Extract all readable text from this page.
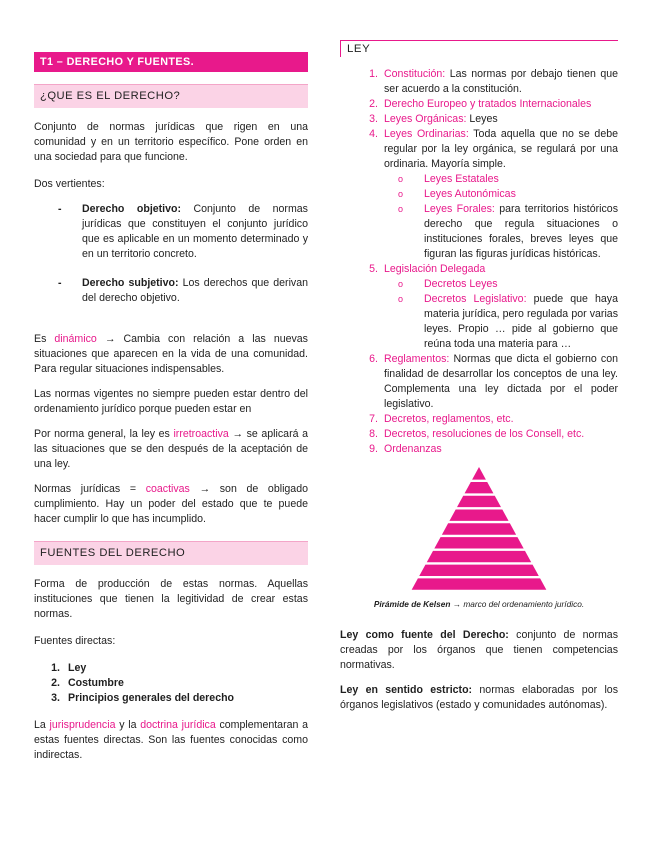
T1 – DERECHO Y FUENTES.
¿QUE ES EL DERECHO?

Conjunto de normas jurídicas que rigen en una comunidad y en un territorio específico. Pone orden en una sociedad para que funcione.

Dos vertientes:

- Derecho objetivo: Conjunto de normas jurídicas que constituyen el conjunto jurídico que es aplicable en un momento determinado y en un territorio concreto.
- Derecho subjetivo: Los derechos que derivan del derecho objetivo.

Es dinámico → Cambia con relación a las nuevas situaciones que aparecen en la vida de una comunidad. Para regular situaciones indispensables.

Las normas vigentes no siempre pueden estar dentro del ordenamiento jurídico porque pueden estar en

Por norma general, la ley es irretroactiva → se aplicará a las situaciones que se den después de la aceptación de una ley.

Normas jurídicas = coactivas → son de obligado cumplimiento. Hay un poder del estado que te puede hacer cumplir lo que has incumplido.

FUENTES DEL DERECHO

Forma de producción de estas normas. Aquellas instituciones que tienen la legitividad de crear estas normas.

Fuentes directas:

1. Ley
2. Costumbre
3. Principios generales del derecho

La jurisprudencia y la doctrina jurídica complementaran a estas fuentes directas. Son las fuentes conocidas como indirectas.

LEY
1. Constitución: Las normas por debajo tienen que ser acuerdo a la constitución.
2. Derecho Europeo y tratados Internacionales
3. Leyes Orgánicas: Leyes
4. Leyes Ordinarias: Toda aquella que no se debe regular por la ley orgánica, se regulará por una ordinaria. Mayoría simple.
o Leyes Estatales
o Leyes Autonómicas
o Leyes Forales: para territorios históricos derecho que regula situaciones o instituciones forales, breves leyes que figuran las figuras jurídicas históricas.
5. Legislación Delegada
o Decretos Leyes
o Decretos Legislativo: puede que haya materia jurídica, pero regulada por varias leyes. Propio … pide al gobierno que reúna toda una materia para …
6. Reglamentos: Normas que dicta el gobierno con finalidad de desarrollar los conceptos de una ley. Complementa una ley dictada por el poder legislativo.
7. Decretos, reglamentos, etc.
8. Decretos, resoluciones de los Consell, etc.
9. Ordenanzas
Pirámide de Kelsen → marco del ordenamiento jurídico.

Ley como fuente del Derecho: conjunto de normas creadas por los órganos que tienen competencias normativas.

Ley en sentido estricto: normas elaboradas por los órganos legislativos (estado y comunidades autónomas).
